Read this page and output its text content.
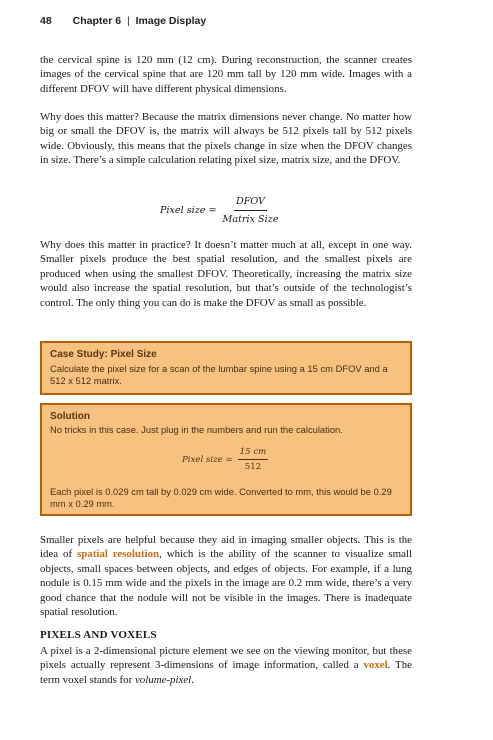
48 Chapter 6 | Image Display

the cervical spine is 120 mm (12 cm). During reconstruction, the scanner creates images of the cervical spine that are 120 mm tall by 120 mm wide. Images with a different DFOV will have different physical dimensions.

Why does this matter? Because the matrix dimensions never change. No matter how big or small the DFOV is, the matrix will always be 512 pixels tall by 512 pixels wide. Obviously, this means that the pixels change in size when the DFOV changes in size. There’s a simple calculation relating pixel size, matrix size, and the DFOV.

Pixel size = $\frac{\text{DFOV}}{\text{Matrix Size}}$

Why does this matter in practice? It doesn’t matter much at all, except in one way. Smaller pixels produce the best spatial resolution, and the smallest pixels are produced when using the smallest DFOV. Theoretically, increasing the matrix size would also increase the spatial resolution, but that’s outside of the technologist’s control. The only thing you can do is make the DFOV as small as possible.

Case Study: Pixel Size
Calculate the pixel size for a scan of the lumbar spine using a 15 cm DFOV and a 512 x 512 matrix.
Solution
No tricks in this case. Just plug in the numbers and run the calculation.
Pixel size = $\frac{15 cm}{512}$
Each pixel is 0.029 cm tall by 0.029 cm wide. Converted to mm, this would be 0.29 mm x 0.29 mm.

Smaller pixels are helpful because they aid in imaging smaller objects. This is the idea of spatial resolution, which is the ability of the scanner to visualize small objects, small spaces between objects, and edges of objects. For example, if a lung nodule is 0.15 mm wide and the pixels in the image are 0.2 mm wide, there’s a very good chance that the nodule will not be visible in the images. There is inadequate spatial resolution.

PIXELS AND VOXELS

A pixel is a 2-dimensional picture element we see on the viewing monitor, but these pixels actually represent 3-dimensions of image information, called a voxel. The term voxel stands for volume-pixel.
